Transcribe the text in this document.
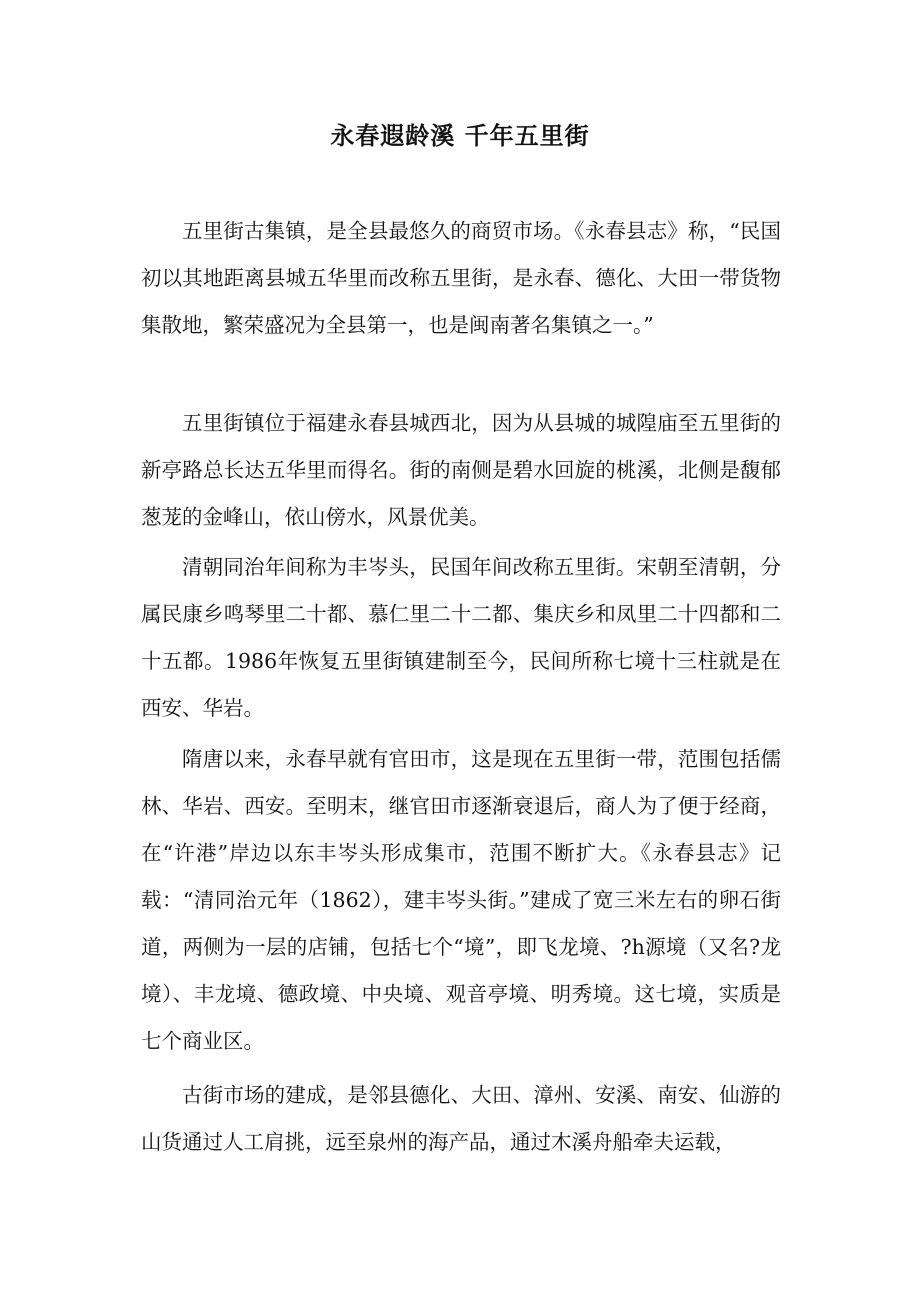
永春遐龄溪 千年五里街

五里街古集镇，是全县最悠久的商贸市场。《永春县志》称，“民国初以其地距离县城五华里而改称五里街，是永春、德化、大田一带货物集散地，繁荣盛况为全县第一，也是闽南著名集镇之一。”

五里街镇位于福建永春县城西北，因为从县城的城隍庙至五里街的新亭路总长达五华里而得名。街的南侧是碧水回旋的桃溪，北侧是馥郁葱茏的金峰山，依山傍水，风景优美。

清朝同治年间称为丰岑头，民国年间改称五里街。宋朝至清朝，分属民康乡鸣琴里二十都、慕仁里二十二都、集庆乡和凤里二十四都和二十五都。1986年恢复五里街镇建制至今，民间所称七境十三柱就是在西安、华岩。

隋唐以来，永春早就有官田市，这是现在五里街一带，范围包括儒林、华岩、西安。至明末，继官田市逐渐衰退后，商人为了便于经商，在“许港”岸边以东丰岑头形成集市，范围不断扩大。《永春县志》记载：“清同治元年（1862），建丰岑头街。”建成了宽三米左右的卵石街道，两侧为一层的店铺，包括七个“境”，即飞龙境、?h源境（又名?龙境）、丰龙境、德政境、中央境、观音亭境、明秀境。这七境，实质是七个商业区。

古街市场的建成，是邻县德化、大田、漳州、安溪、南安、仙游的山货通过人工肩挑，远至泉州的海产品，通过木溪舟船牵夫运载，
